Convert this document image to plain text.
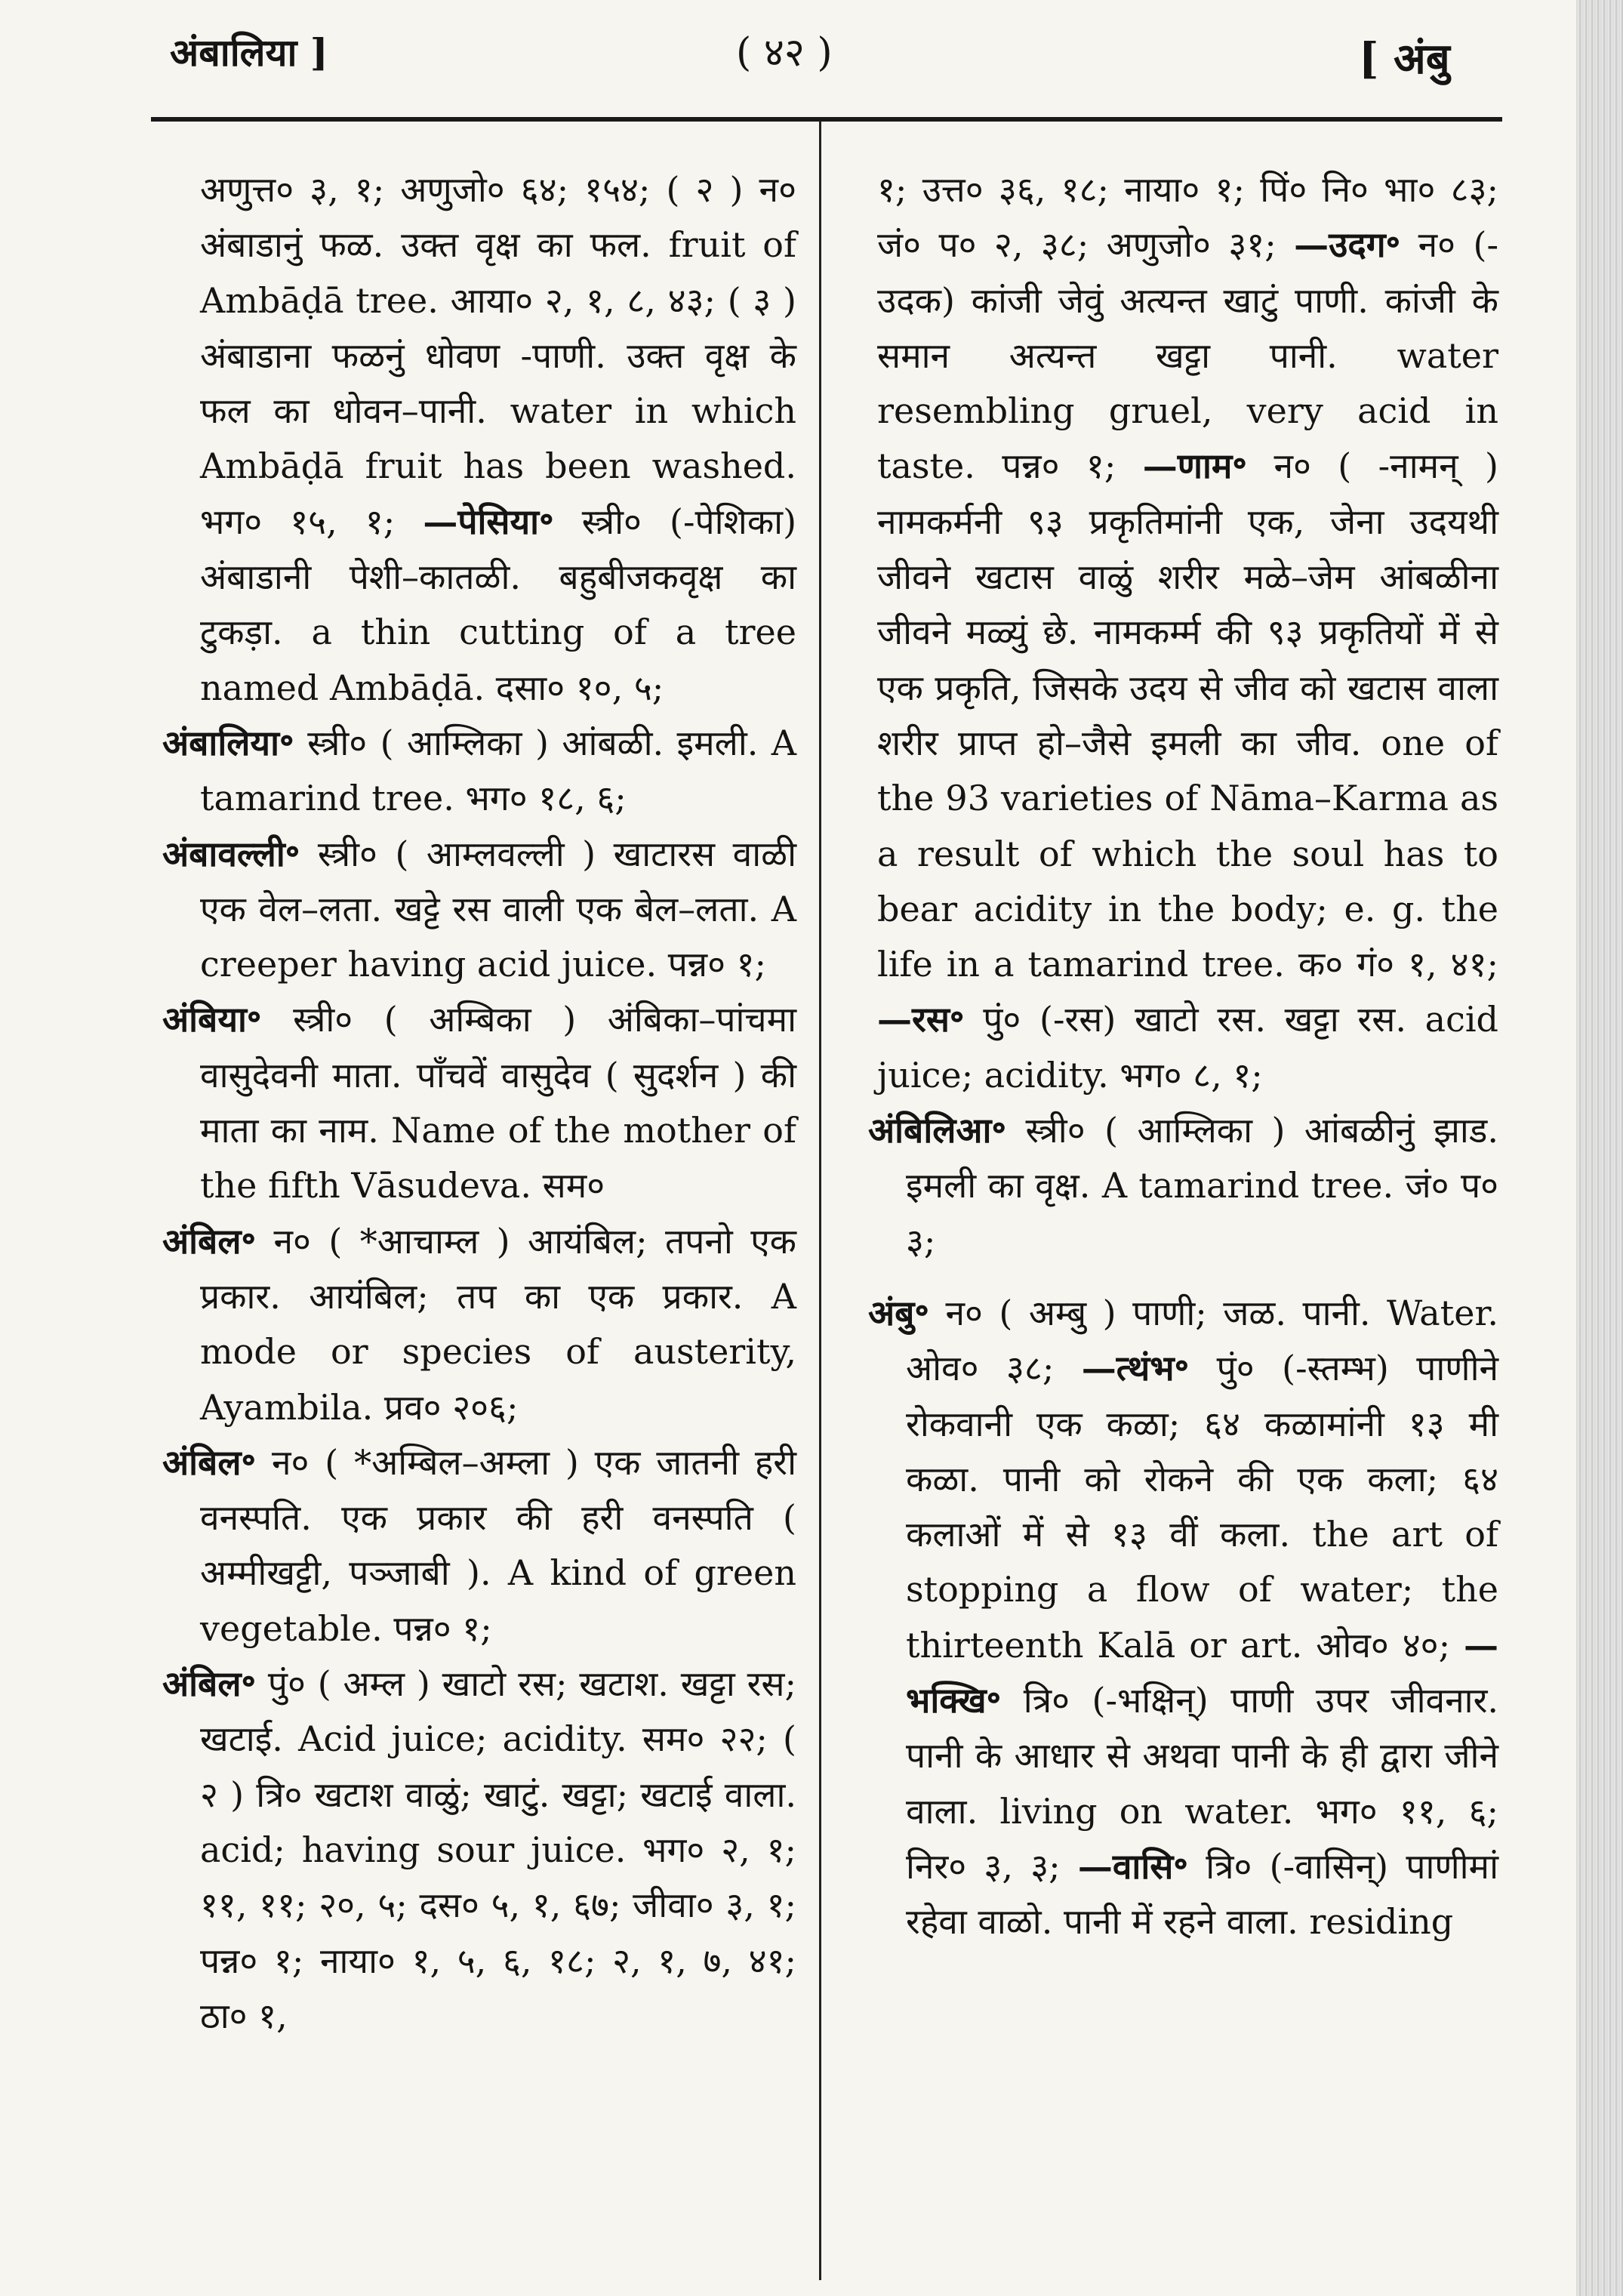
अंबालिया ]	( ४२ )	[ अंबु

अणुत्त० ३, १; अणुजो० ६४; १५४; ( २ ) न० अंबाडानुं फळ. उक्त वृक्ष का फल. fruit of Ambāḍā tree. आया० २, १, ८, ४३; ( ३ ) अंबाडाना फळनुं धोवण -पाणी. उक्त वृक्ष के फल का धोवन–पानी. water in which Ambāḍā fruit has been washed. भग० १५, १; —पेसिया॰ स्त्री० (-पेशिका) अंबाडानी पेशी–कातळी. बहुबीजकवृक्ष का टुकड़ा. a thin cutting of a tree named Ambāḍā. दसा० १०, ५;

अंबालिया॰ स्त्री० ( आम्लिका ) आंबळी. इमली. A tamarind tree. भग० १८, ६;

अंबावल्ली॰ स्त्री० ( आम्लवल्ली ) खाटारस वाळी एक वेल–लता. खट्टे रस वाली एक बेल–लता. A creeper having acid juice. पन्न० १;

अंबिया॰ स्त्री० ( अम्बिका ) अंबिका–पांचमा वासुदेवनी माता. पाँचवें वासुदेव ( सुदर्शन ) की माता का नाम. Name of the mother of the fifth Vāsudeva. सम०

अंबिल॰ न० ( *आचाम्ल ) आयंबिल; तपनो एक प्रकार. आयंबिल; तप का एक प्रकार. A mode or species of austerity, Ayambila. प्रव० २०६;

अंबिल॰ न० ( *अम्बिल–अम्ला ) एक जातनी हरी वनस्पति. एक प्रकार की हरी वनस्पति ( अम्मीखट्टी, पञ्जाबी ). A kind of green vegetable. पन्न० १;

अंबिल॰ पुं० ( अम्ल ) खाटो रस; खटाश. खट्टा रस; खटाई. Acid juice; acidity. सम० २२; ( २ ) त्रि० खटाश वाळुं; खाटुं. खट्टा; खटाई वाला. acid; having sour juice. भग० २, १; ११, ११; २०, ५; दस० ५, १, ६७; जीवा० ३, १; पन्न० १; नाया० १, ५, ६, १८; २, १, ७, ४१; ठा० १,

१; उत्त० ३६, १८; नाया० १; पिं० नि० भा० ८३; जं० प० २, ३८; अणुजो० ३१; —उदग॰ न० (-उदक) कांजी जेवुं अत्यन्त खाटुं पाणी. कांजी के समान अत्यन्त खट्टा पानी. water resembling gruel, very acid in taste. पन्न० १; —णाम॰ न० ( -नामन् ) नामकर्मनी ९३ प्रकृतिमांनी एक, जेना उदयथी जीवने खटास वाळुं शरीर मळे–जेम आंबळीना जीवने मळ्युं छे. नामकर्म्म की ९३ प्रकृतियों में से एक प्रकृति, जिसके उदय से जीव को खटास वाला शरीर प्राप्त हो–जैसे इमली का जीव. one of the 93 varieties of Nāma–Karma as a result of which the soul has to bear acidity in the body; e. g. the life in a tamarind tree. क० गं० १, ४१; —रस॰ पुं० (-रस) खाटो रस. खट्टा रस. acid juice; acidity. भग० ८, १;

अंबिलिआ॰ स्त्री० ( आम्लिका ) आंबळीनुं झाड. इमली का वृक्ष. A tamarind tree. जं० प० ३;

अंबु॰ न० ( अम्बु ) पाणी; जळ. पानी. Water. ओव० ३८; —त्थंभ॰ पुं० (-स्तम्भ) पाणीने रोकवानी एक कळा; ६४ कळामांनी १३ मी कळा. पानी को रोकने की एक कला; ६४ कलाओं में से १३ वीं कला. the art of stopping a flow of water; the thirteenth Kalā or art. ओव० ४०; —भक्खि॰ त्रि० (-भक्षिन्) पाणी उपर जीवनार. पानी के आधार से अथवा पानी के ही द्वारा जीने वाला. living on water. भग० ११, ६; निर० ३, ३; —वासि॰ त्रि० (-वासिन्) पाणीमां रहेवा वाळो. पानी में रहने वाला. residing
